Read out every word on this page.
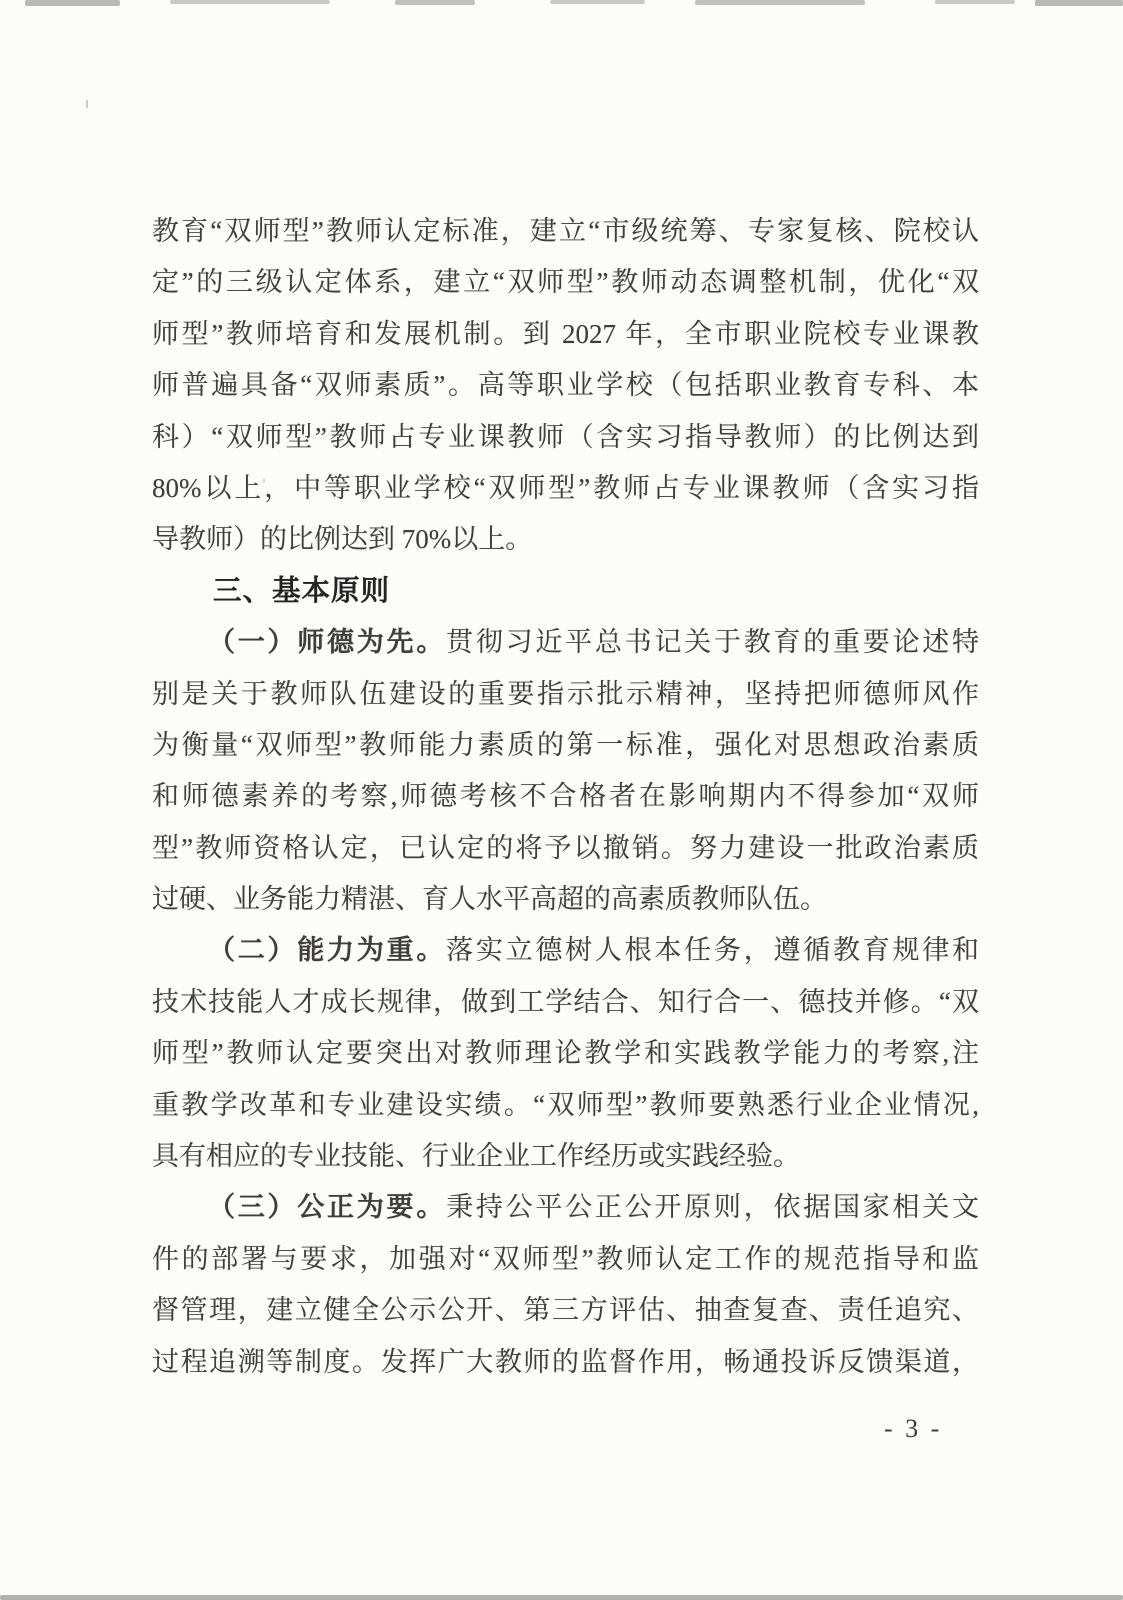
教育“双师型”教师认定标准，建立“市级统筹、专家复核、院校认
定”的三级认定体系，建立“双师型”教师动态调整机制，优化“双
师型”教师培育和发展机制。到 2027 年，全市职业院校专业课教
师普遍具备“双师素质”。高等职业学校（包括职业教育专科、本
科）“双师型”教师占专业课教师（含实习指导教师）的比例达到
80%以上，中等职业学校“双师型”教师占专业课教师（含实习指
导教师）的比例达到 70%以上。
三、基本原则
（一）师德为先。贯彻习近平总书记关于教育的重要论述特
别是关于教师队伍建设的重要指示批示精神，坚持把师德师风作
为衡量“双师型”教师能力素质的第一标准，强化对思想政治素质
和师德素养的考察,师德考核不合格者在影响期内不得参加“双师
型”教师资格认定，已认定的将予以撤销。努力建设一批政治素质
过硬、业务能力精湛、育人水平高超的高素质教师队伍。
（二）能力为重。落实立德树人根本任务，遵循教育规律和
技术技能人才成长规律，做到工学结合、知行合一、德技并修。“双
师型”教师认定要突出对教师理论教学和实践教学能力的考察,注
重教学改革和专业建设实绩。“双师型”教师要熟悉行业企业情况,
具有相应的专业技能、行业企业工作经历或实践经验。
（三）公正为要。秉持公平公正公开原则，依据国家相关文
件的部署与要求，加强对“双师型”教师认定工作的规范指导和监
督管理，建立健全公示公开、第三方评估、抽查复查、责任追究、
过程追溯等制度。发挥广大教师的监督作用，畅通投诉反馈渠道，
- 3 -
